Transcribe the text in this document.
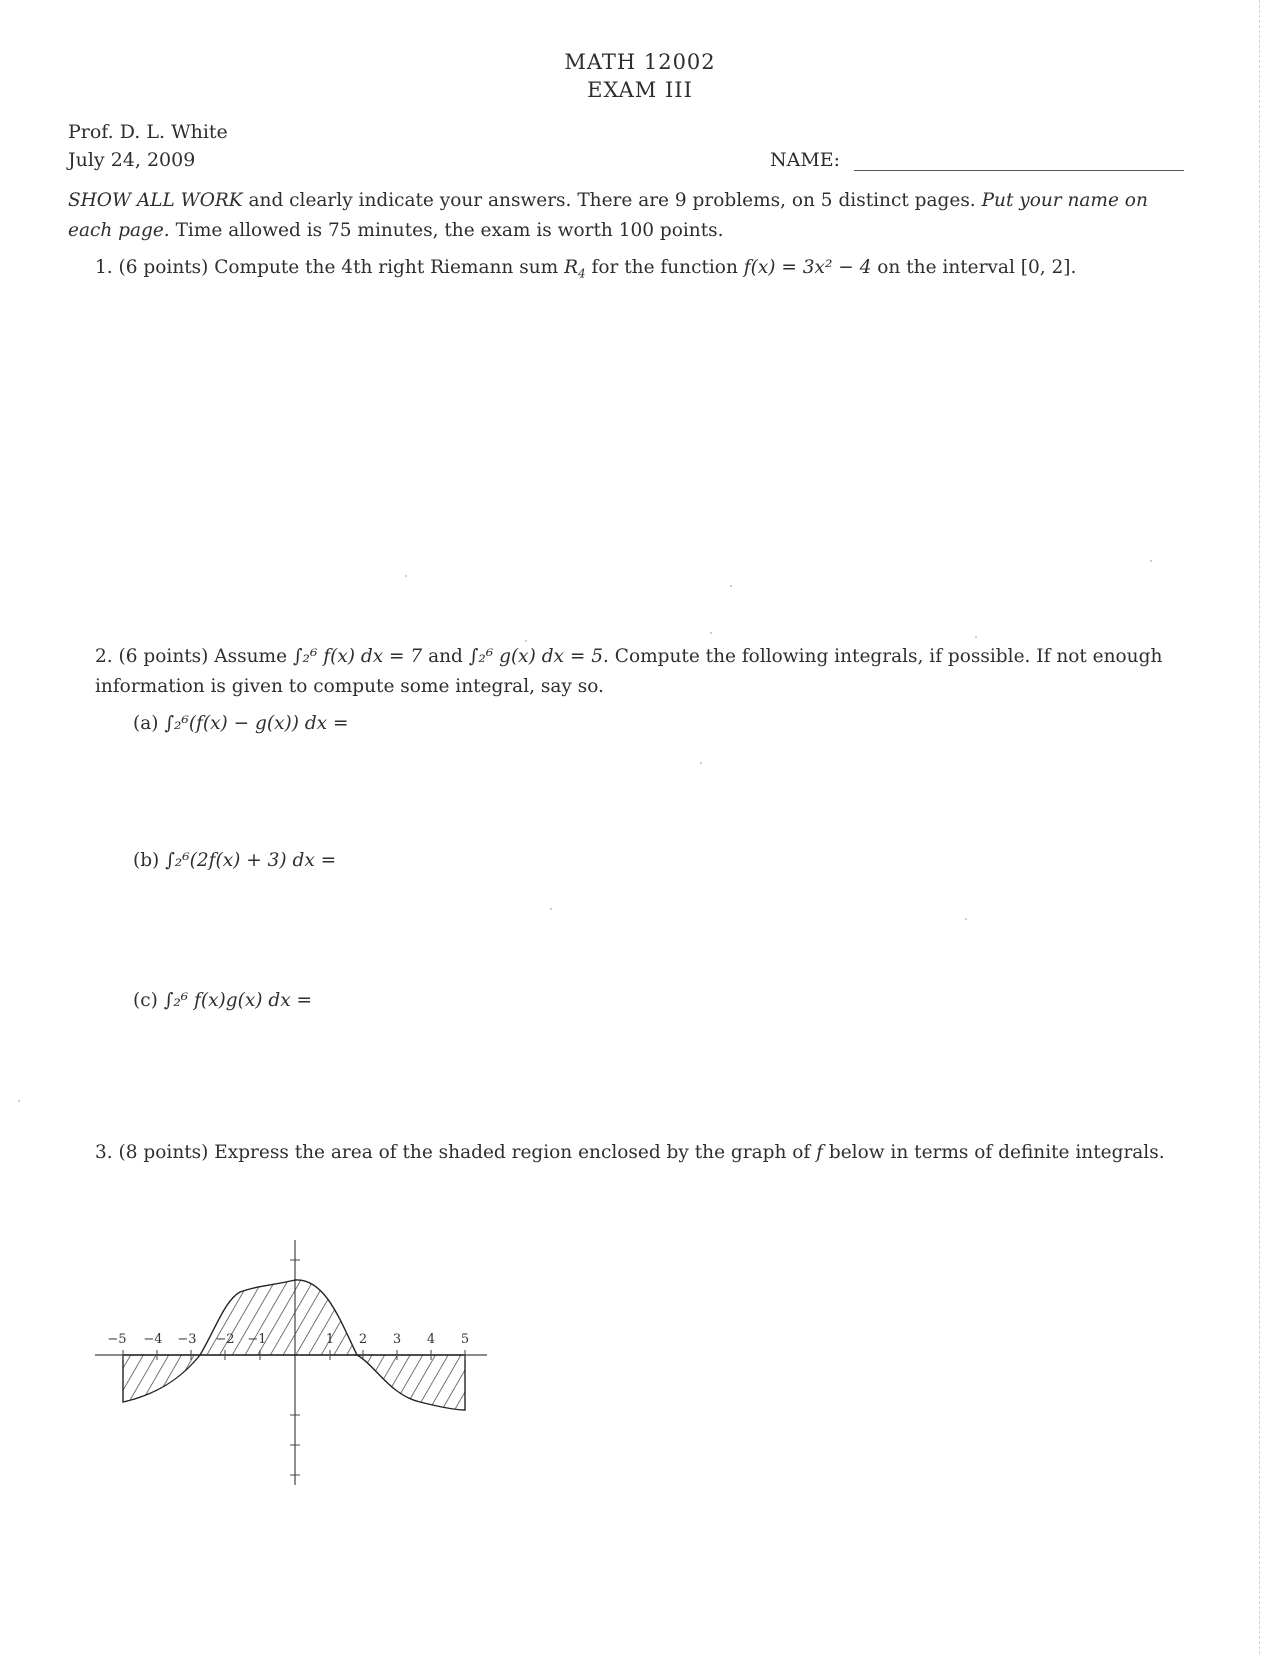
MATH 12002
EXAM III
Prof. D. L. White
July 24, 2009	NAME:
SHOW ALL WORK and clearly indicate your answers. There are 9 problems, on 5 distinct pages. Put your name on each page. Time allowed is 75 minutes, the exam is worth 100 points.
1. (6 points) Compute the 4th right Riemann sum $R_4$ for the function f(x) = 3x² − 4 on the interval [0, 2].
2. (6 points) Assume ∫₂⁶ f(x) dx = 7 and ∫₂⁶ g(x) dx = 5. Compute the following integrals, if possible. If not enough information is given to compute some integral, say so.
(a) ∫₂⁶(f(x) − g(x)) dx =
(b) ∫₂⁶(2f(x) + 3) dx =
(c) ∫₂⁶ f(x)g(x) dx =
3. (8 points) Express the area of the shaded region enclosed by the graph of f below in terms of definite integrals.
−5 −4 −3 −2 −1	1 2 3 4 5
